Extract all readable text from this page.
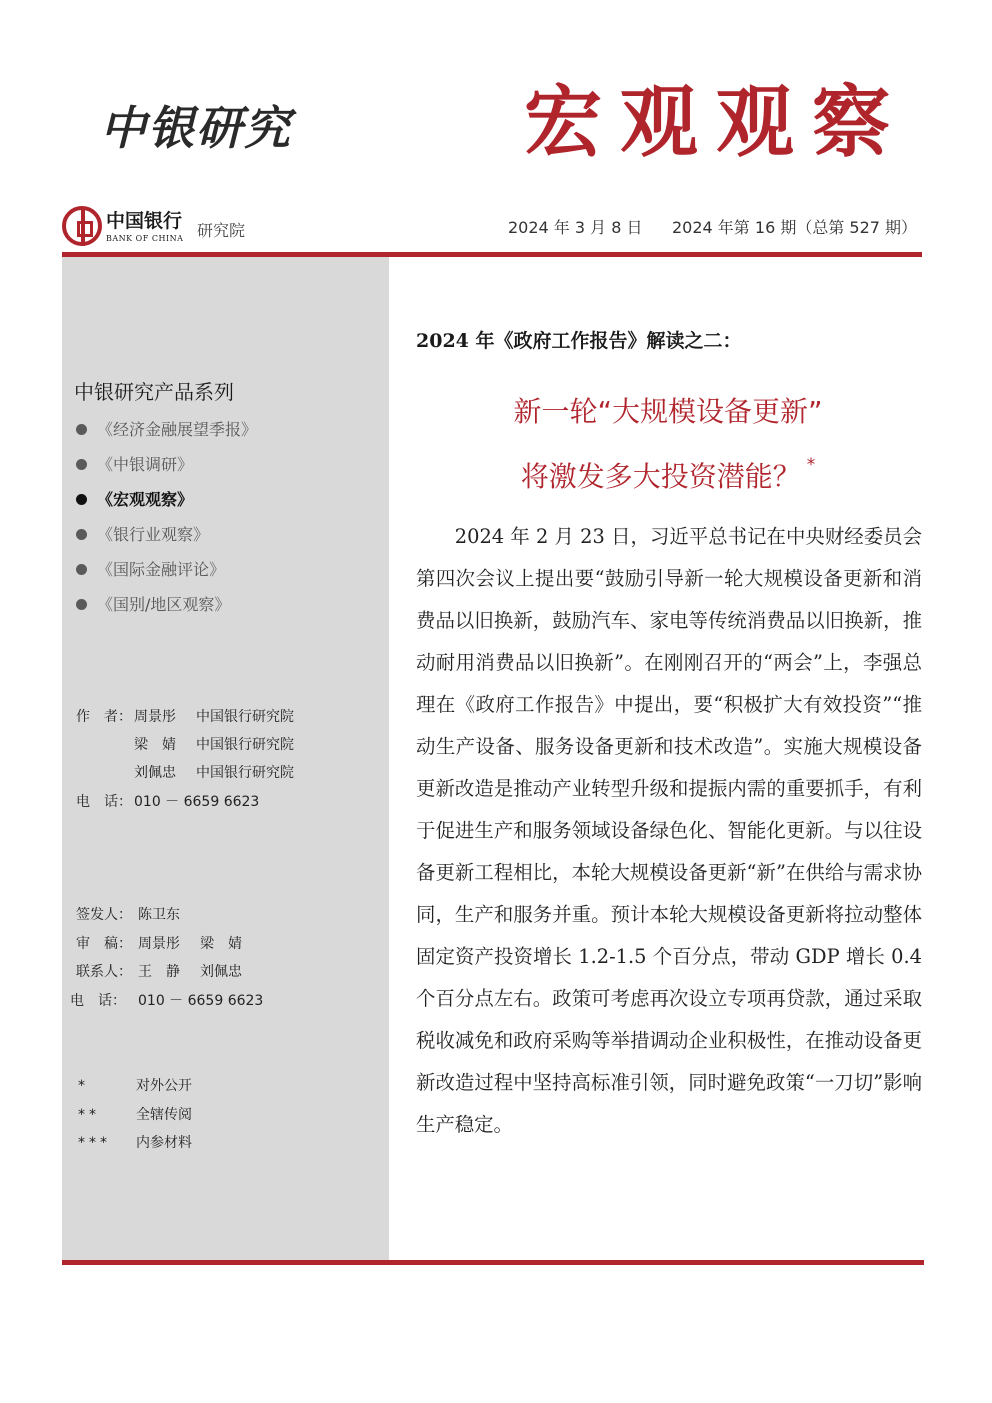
中银研究	宏观观察
中国银行
BANK OF CHINA 研究院	2024 年 3 月 8 日 2024 年第 16 期（总第 527 期）
中银研究产品系列
《经济金融展望季报》
《中银调研》
《宏观观察》
《银行业观察》
《国际金融评论》
《国别/地区观察》
作　者： 周景彤 中国银行研究院
梁　婧 中国银行研究院
刘佩忠 中国银行研究院
电　话： 010 － 6659 6623
签发人： 陈卫东
审　稿： 周景彤 梁　婧
联系人： 王　静 刘佩忠
电　话： 010 － 6659 6623
*	对外公开
**	全辖传阅
*** 内参材料
2024 年《政府工作报告》解读之二：
新一轮“大规模设备更新”
将激发多大投资潜能？ *

2024 年 2 月 23 日，习近平总书记在中央财经委员会第四次会议上提出要“鼓励引导新一轮大规模设备更新和消费品以旧换新，鼓励汽车、家电等传统消费品以旧换新，推动耐用消费品以旧换新”。在刚刚召开的“两会”上，李强总理在《政府工作报告》中提出，要“积极扩大有效投资”“推动生产设备、服务设备更新和技术改造”。实施大规模设备更新改造是推动产业转型升级和提振内需的重要抓手，有利于促进生产和服务领域设备绿色化、智能化更新。与以往设备更新工程相比，本轮大规模设备更新“新”在供给与需求协同，生产和服务并重。预计本轮大规模设备更新将拉动整体固定资产投资增长 1.2-1.5 个百分点，带动 GDP 增长 0.4 个百分点左右。政策可考虑再次设立专项再贷款，通过采取税收减免和政府采购等举措调动企业积极性，在推动设备更新改造过程中坚持高标准引领，同时避免政策“一刀切”影响生产稳定。
